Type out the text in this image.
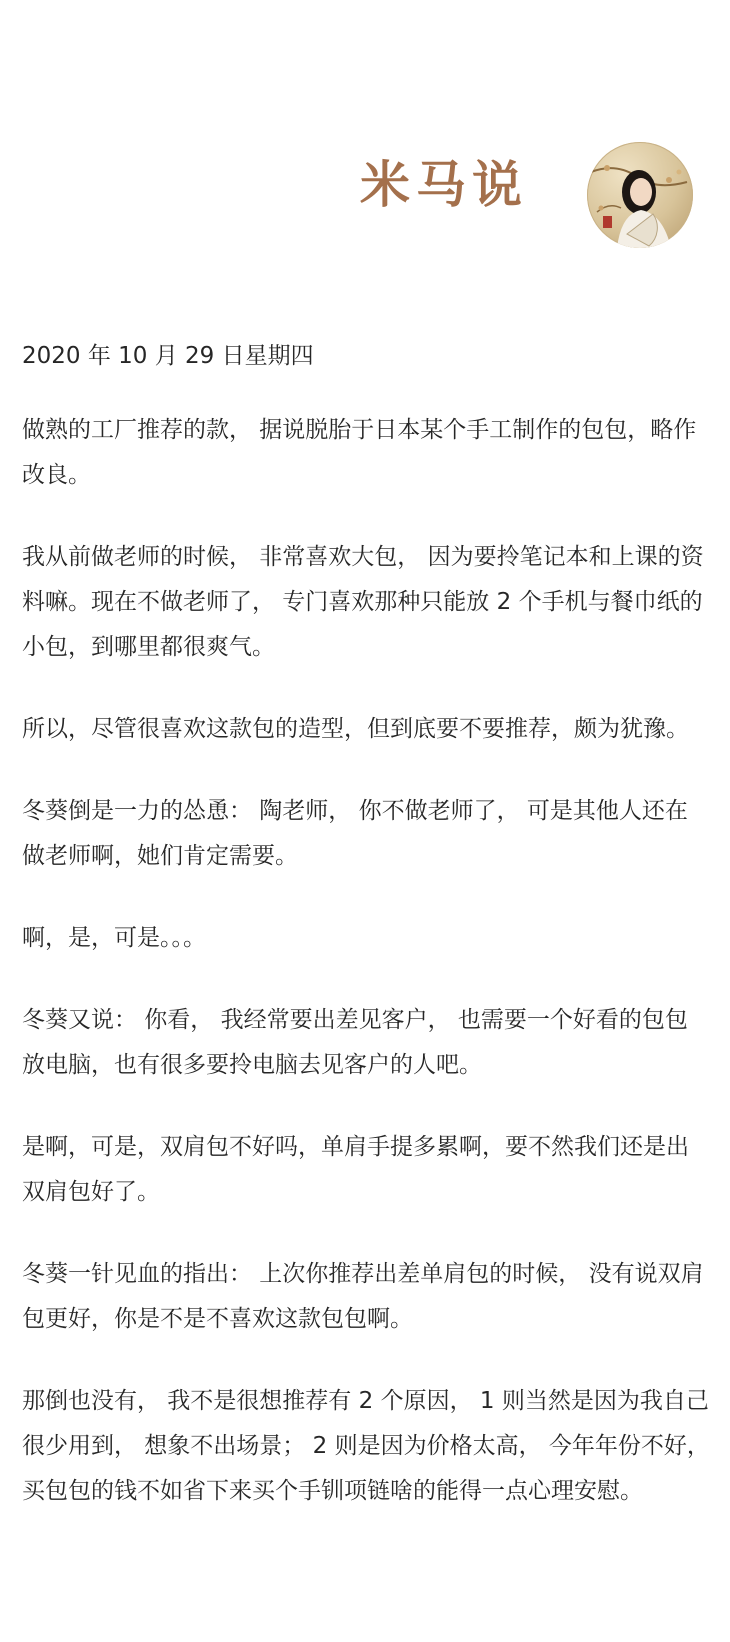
米马说
2020 年 10 月 29 日星期四

做熟的工厂推荐的款， 据说脱胎于日本某个手工制作的包包，略作改良。

我从前做老师的时候， 非常喜欢大包， 因为要拎笔记本和上课的资料嘛。现在不做老师了， 专门喜欢那种只能放 2 个手机与餐巾纸的小包，到哪里都很爽气。

所以，尽管很喜欢这款包的造型，但到底要不要推荐，颇为犹豫。

冬葵倒是一力的怂恿： 陶老师， 你不做老师了， 可是其他人还在做老师啊，她们肯定需要。

啊，是，可是。。。

冬葵又说： 你看， 我经常要出差见客户， 也需要一个好看的包包放电脑，也有很多要拎电脑去见客户的人吧。

是啊，可是，双肩包不好吗，单肩手提多累啊，要不然我们还是出双肩包好了。

冬葵一针见血的指出： 上次你推荐出差单肩包的时候， 没有说双肩包更好，你是不是不喜欢这款包包啊。

那倒也没有， 我不是很想推荐有 2 个原因， 1 则当然是因为我自己很少用到， 想象不出场景； 2 则是因为价格太高， 今年年份不好， 买包包的钱不如省下来买个手钏项链啥的能得一点心理安慰。
